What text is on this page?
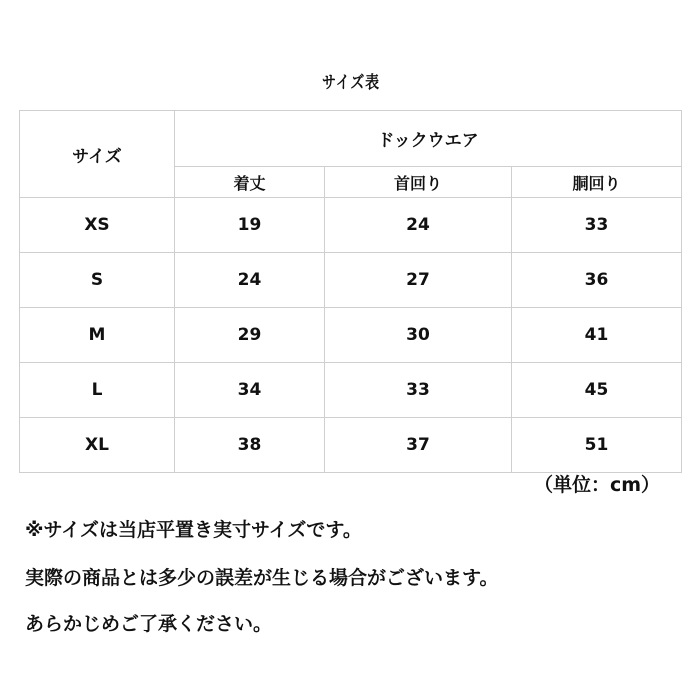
サイズ表
サイズ	ドックウエア		
	着丈	首回り	胴回り
XS	19	24	33
S	24	27	36
M	29	30	41
L	34	33	45
XL	38	37	51
（単位：cm）
※サイズは当店平置き実寸サイズです。
実際の商品とは多少の誤差が生じる場合がございます。
あらかじめご了承ください。
